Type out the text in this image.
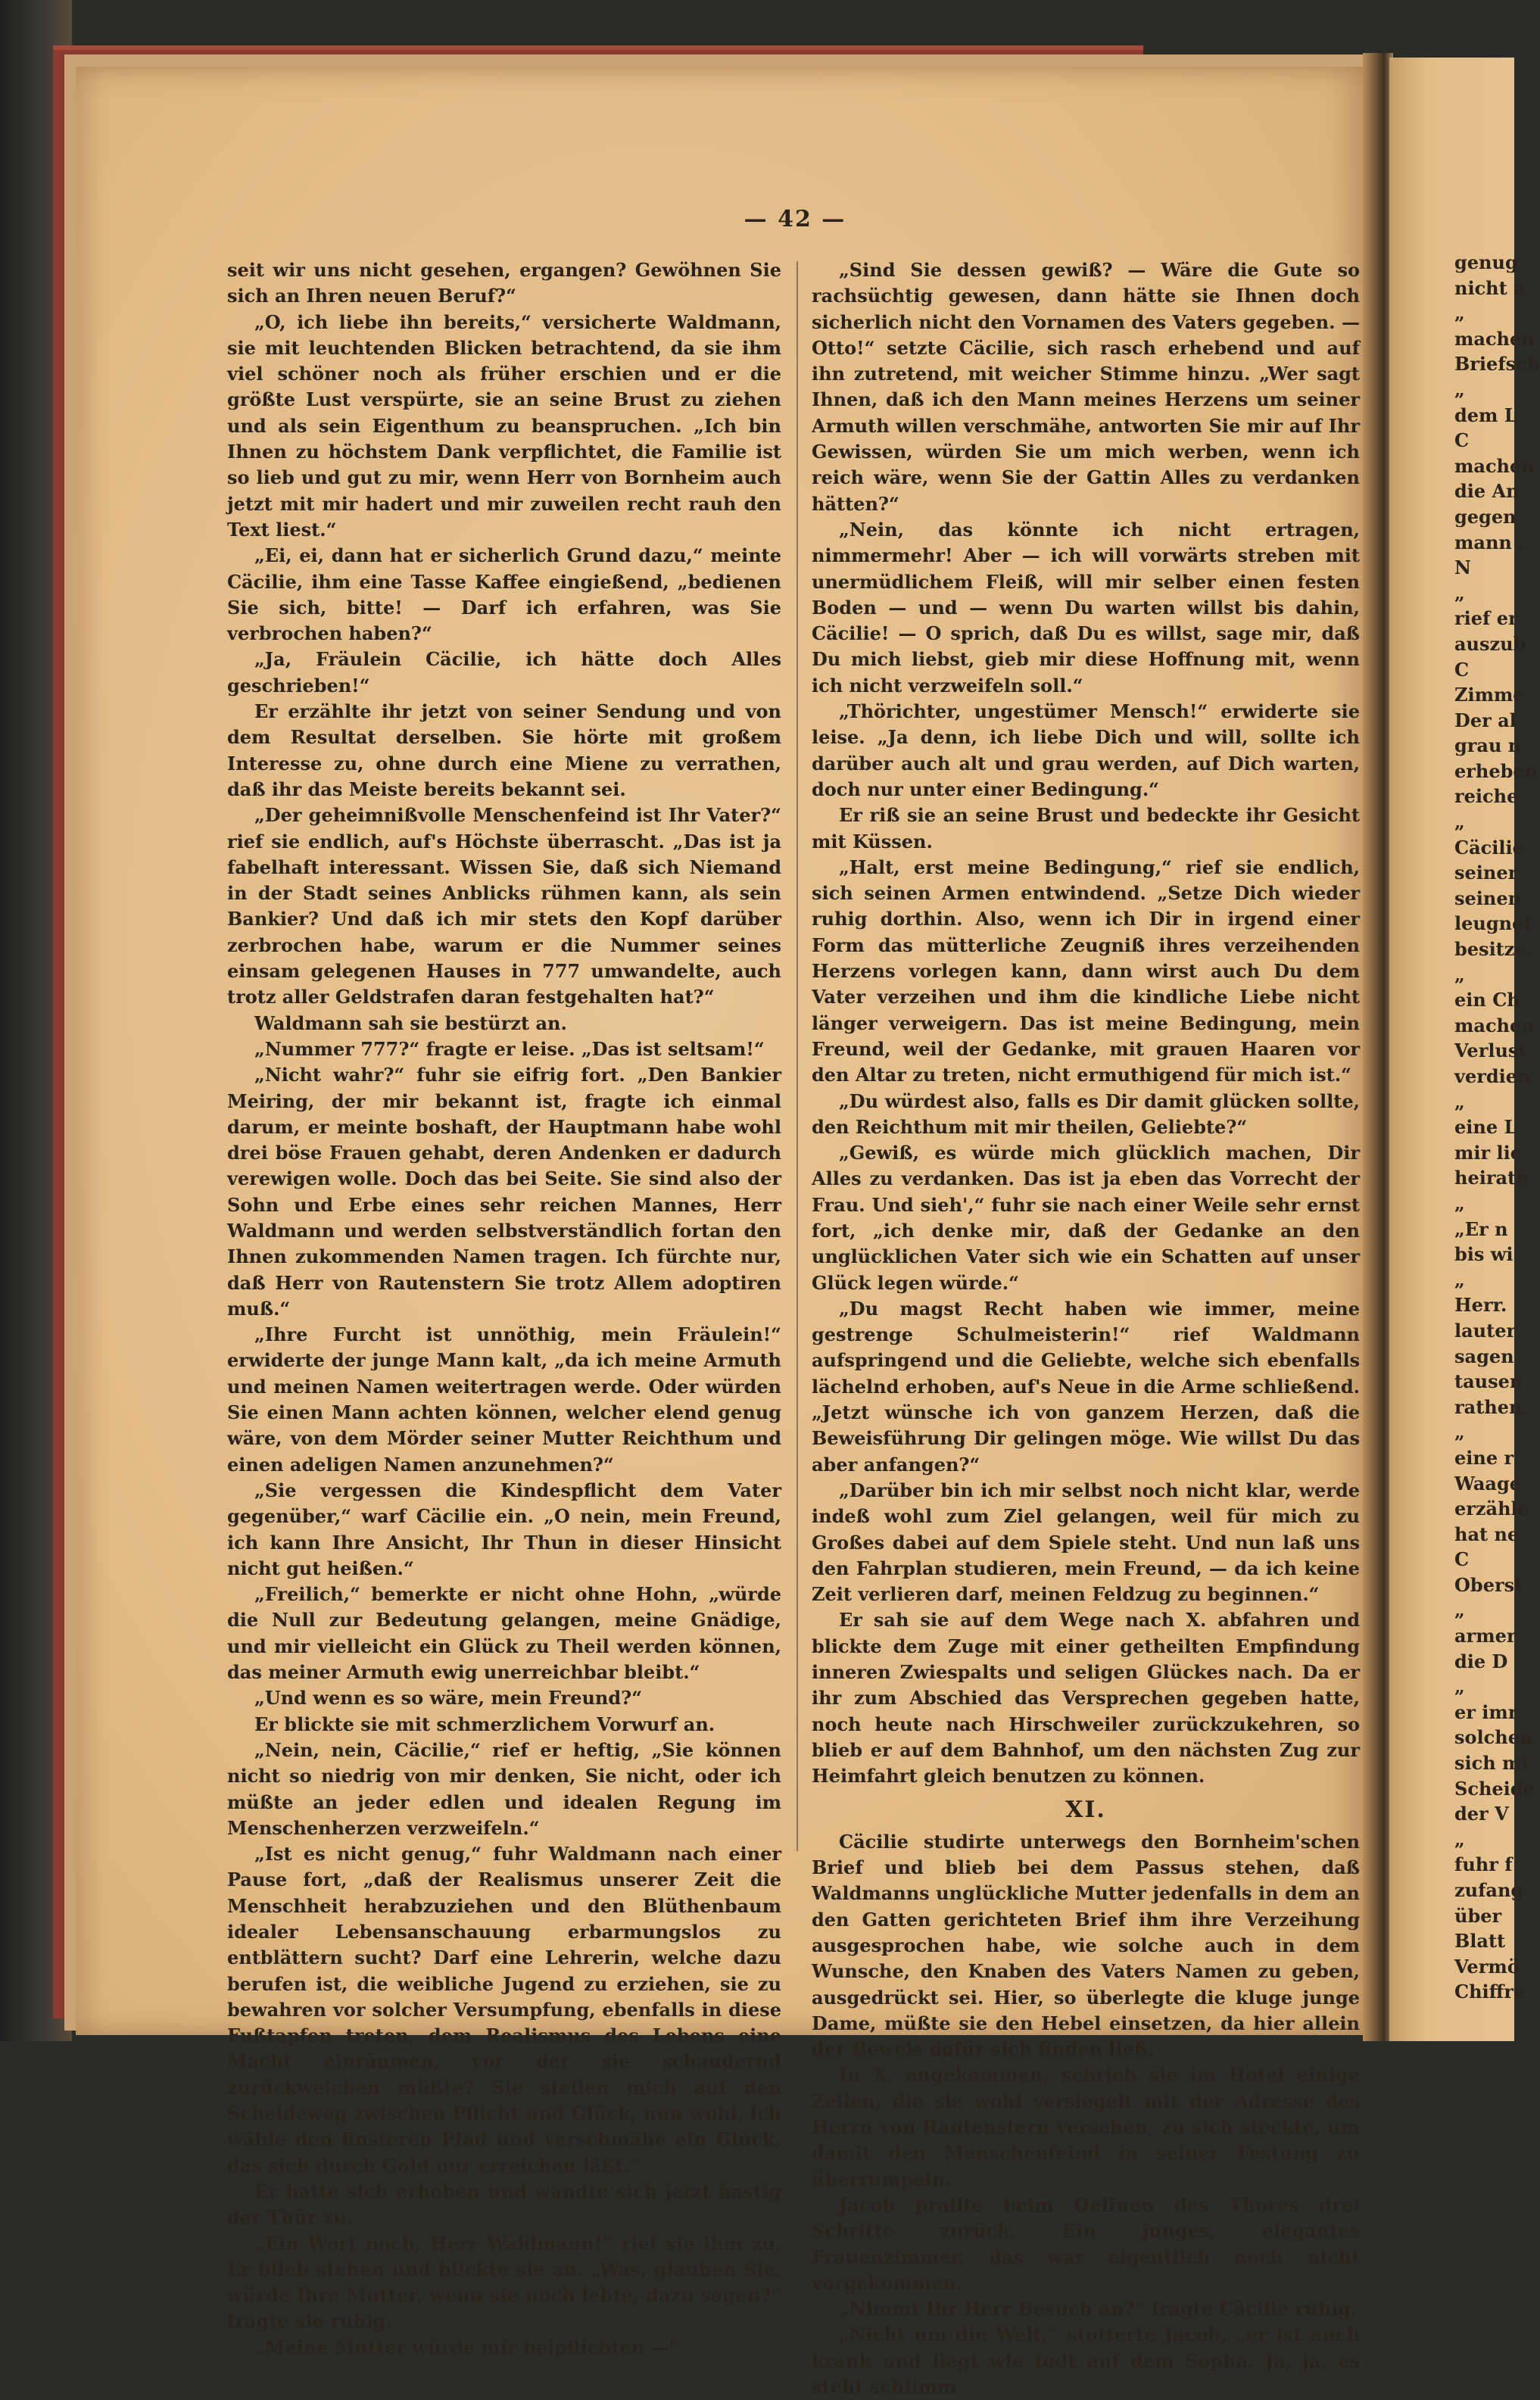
— 42 —

seit wir uns nicht gesehen, ergangen? Gewöhnen Sie sich an Ihren neuen Beruf?“

„O, ich liebe ihn bereits,“ versicherte Waldmann, sie mit leuchtenden Blicken betrachtend, da sie ihm viel schöner noch als früher erschien und er die größte Lust verspürte, sie an seine Brust zu ziehen und als sein Eigenthum zu beanspruchen. „Ich bin Ihnen zu höchstem Dank verpflichtet, die Familie ist so lieb und gut zu mir, wenn Herr von Bornheim auch jetzt mit mir hadert und mir zuweilen recht rauh den Text liest.“

„Ei, ei, dann hat er sicherlich Grund dazu,“ meinte Cäcilie, ihm eine Tasse Kaffee eingießend, „bedienen Sie sich, bitte! — Darf ich erfahren, was Sie verbrochen haben?“

„Ja, Fräulein Cäcilie, ich hätte doch Alles geschrieben!“

Er erzählte ihr jetzt von seiner Sendung und von dem Resultat derselben. Sie hörte mit großem Interesse zu, ohne durch eine Miene zu verrathen, daß ihr das Meiste bereits bekannt sei.

„Der geheimnißvolle Menschenfeind ist Ihr Vater?“ rief sie endlich, auf's Höchste überrascht. „Das ist ja fabelhaft interessant. Wissen Sie, daß sich Niemand in der Stadt seines Anblicks rühmen kann, als sein Bankier? Und daß ich mir stets den Kopf darüber zerbrochen habe, warum er die Nummer seines einsam gelegenen Hauses in 777 umwandelte, auch trotz aller Geldstrafen daran festgehalten hat?“

Waldmann sah sie bestürzt an.

„Nummer 777?“ fragte er leise. „Das ist seltsam!“

„Nicht wahr?“ fuhr sie eifrig fort. „Den Bankier Meiring, der mir bekannt ist, fragte ich einmal darum, er meinte boshaft, der Hauptmann habe wohl drei böse Frauen gehabt, deren Andenken er dadurch verewigen wolle. Doch das bei Seite. Sie sind also der Sohn und Erbe eines sehr reichen Mannes, Herr Waldmann und werden selbstverständlich fortan den Ihnen zukommenden Namen tragen. Ich fürchte nur, daß Herr von Rautenstern Sie trotz Allem adoptiren muß.“

„Ihre Furcht ist unnöthig, mein Fräulein!“ erwiderte der junge Mann kalt, „da ich meine Armuth und meinen Namen weitertragen werde. Oder würden Sie einen Mann achten können, welcher elend genug wäre, von dem Mörder seiner Mutter Reichthum und einen adeligen Namen anzunehmen?“

„Sie vergessen die Kindespflicht dem Vater gegenüber,“ warf Cäcilie ein. „O nein, mein Freund, ich kann Ihre Ansicht, Ihr Thun in dieser Hinsicht nicht gut heißen.“

„Freilich,“ bemerkte er nicht ohne Hohn, „würde die Null zur Bedeutung gelangen, meine Gnädige, und mir vielleicht ein Glück zu Theil werden können, das meiner Armuth ewig unerreichbar bleibt.“

„Und wenn es so wäre, mein Freund?“

Er blickte sie mit schmerzlichem Vorwurf an.

„Nein, nein, Cäcilie,“ rief er heftig, „Sie können nicht so niedrig von mir denken, Sie nicht, oder ich müßte an jeder edlen und idealen Regung im Menschenherzen verzweifeln.“

„Ist es nicht genug,“ fuhr Waldmann nach einer Pause fort, „daß der Realismus unserer Zeit die Menschheit herabzuziehen und den Blüthenbaum idealer Lebensanschauung erbarmungslos zu entblättern sucht? Darf eine Lehrerin, welche dazu berufen ist, die weibliche Jugend zu erziehen, sie zu bewahren vor solcher Versumpfung, ebenfalls in diese Fußtapfen treten, dem Realismus des Lebens eine Macht einräumen, vor der sie schaudernd zurückweichen müßte? Sie stellen mich auf den Scheideweg zwischen Pflicht und Glück, nun wohl, ich wähle den finsteren Pfad und verschmähe ein Glück, das sich durch Gold nur erreichen läßt.“

Er hatte sich erhoben und wandte sich jetzt hastig der Thür zu.

„Ein Wort noch, Herr Waldmann!“ rief sie ihm zu. Er blieb stehen und blickte sie an. „Was, glauben Sie, würde Ihre Mutter, wenn sie noch lebte, dazu sagen?“ fragte sie ruhig.

„Meine Mutter würde mir beipflichten —“

„Sind Sie dessen gewiß? — Wäre die Gute so rachsüchtig gewesen, dann hätte sie Ihnen doch sicherlich nicht den Vornamen des Vaters gegeben. — Otto!“ setzte Cäcilie, sich rasch erhebend und auf ihn zutretend, mit weicher Stimme hinzu. „Wer sagt Ihnen, daß ich den Mann meines Herzens um seiner Armuth willen verschmähe, antworten Sie mir auf Ihr Gewissen, würden Sie um mich werben, wenn ich reich wäre, wenn Sie der Gattin Alles zu verdanken hätten?“

„Nein, das könnte ich nicht ertragen, nimmermehr! Aber — ich will vorwärts streben mit unermüdlichem Fleiß, will mir selber einen festen Boden — und — wenn Du warten willst bis dahin, Cäcilie! — O sprich, daß Du es willst, sage mir, daß Du mich liebst, gieb mir diese Hoffnung mit, wenn ich nicht verzweifeln soll.“

„Thörichter, ungestümer Mensch!“ erwiderte sie leise. „Ja denn, ich liebe Dich und will, sollte ich darüber auch alt und grau werden, auf Dich warten, doch nur unter einer Bedingung.“

Er riß sie an seine Brust und bedeckte ihr Gesicht mit Küssen.

„Halt, erst meine Bedingung,“ rief sie endlich, sich seinen Armen entwindend. „Setze Dich wieder ruhig dorthin. Also, wenn ich Dir in irgend einer Form das mütterliche Zeugniß ihres verzeihenden Herzens vorlegen kann, dann wirst auch Du dem Vater verzeihen und ihm die kindliche Liebe nicht länger verweigern. Das ist meine Bedingung, mein Freund, weil der Gedanke, mit grauen Haaren vor den Altar zu treten, nicht ermuthigend für mich ist.“

„Du würdest also, falls es Dir damit glücken sollte, den Reichthum mit mir theilen, Geliebte?“

„Gewiß, es würde mich glücklich machen, Dir Alles zu verdanken. Das ist ja eben das Vorrecht der Frau. Und sieh',“ fuhr sie nach einer Weile sehr ernst fort, „ich denke mir, daß der Gedanke an den unglücklichen Vater sich wie ein Schatten auf unser Glück legen würde.“

„Du magst Recht haben wie immer, meine gestrenge Schulmeisterin!“ rief Waldmann aufspringend und die Geliebte, welche sich ebenfalls lächelnd erhoben, auf's Neue in die Arme schließend. „Jetzt wünsche ich von ganzem Herzen, daß die Beweisführung Dir gelingen möge. Wie willst Du das aber anfangen?“

„Darüber bin ich mir selbst noch nicht klar, werde indeß wohl zum Ziel gelangen, weil für mich zu Großes dabei auf dem Spiele steht. Und nun laß uns den Fahrplan studieren, mein Freund, — da ich keine Zeit verlieren darf, meinen Feldzug zu beginnen.“

Er sah sie auf dem Wege nach X. abfahren und blickte dem Zuge mit einer getheilten Empfindung inneren Zwiespalts und seligen Glückes nach. Da er ihr zum Abschied das Versprechen gegeben hatte, noch heute nach Hirschweiler zurückzukehren, so blieb er auf dem Bahnhof, um den nächsten Zug zur Heimfahrt gleich benutzen zu können.

XI.

Cäcilie studirte unterwegs den Bornheim'schen Brief und blieb bei dem Passus stehen, daß Waldmanns unglückliche Mutter jedenfalls in dem an den Gatten gerichteten Brief ihm ihre Verzeihung ausgesprochen habe, wie solche auch in dem Wunsche, den Knaben des Vaters Namen zu geben, ausgedrückt sei. Hier, so überlegte die kluge junge Dame, müßte sie den Hebel einsetzen, da hier allein der Beweis dafür sich finden ließ.

In X. angekommen, schrieb sie im Hotel einige Zeilen, die sie wohl versiegelt mit der Adresse des Herrn von Rautenstern versehen, zu sich steckte, um damit den Menschenfeind in seiner Festung zu überrumpeln.

Jacob prallte beim Oeffnen des Thores drei Schritte zurück. Ein junges, elegantes Frauenzimmer, das war eigentlich noch nicht vorgekommen.

„Nimmt Ihr Herr Besuch an?“ fragte Cäcilie ruhig.

„Nicht um die Welt,“ stotterte Jacob, „er ist auch krank und liegt wie todt auf dem Sopha. Ja, ja, es steht schlimm

genug
nicht a
„
machen
Briefsch
„
dem L
C
machen
die An
gegen
mann ,
N
„
rief er
auszub
C
Zimme
Der al
grau n
erheben
reiche
„
Cäcilie
seiner
seinen
leugnet
besitze.
„
ein Ch
machen
Verlust
verdien
„
eine L
mir lie
heirath
„
„Er n
bis wi
„
Herr.
lauter
sagen
tausen
rathen.
„
eine r
Waage
erzähle
hat ne
C
Oberst
„
armer
die D
„
er imr
solchen
sich mi
Scheide
der V
„
fuhr f
zufang
über
Blatt
Vermö
Chiffre
